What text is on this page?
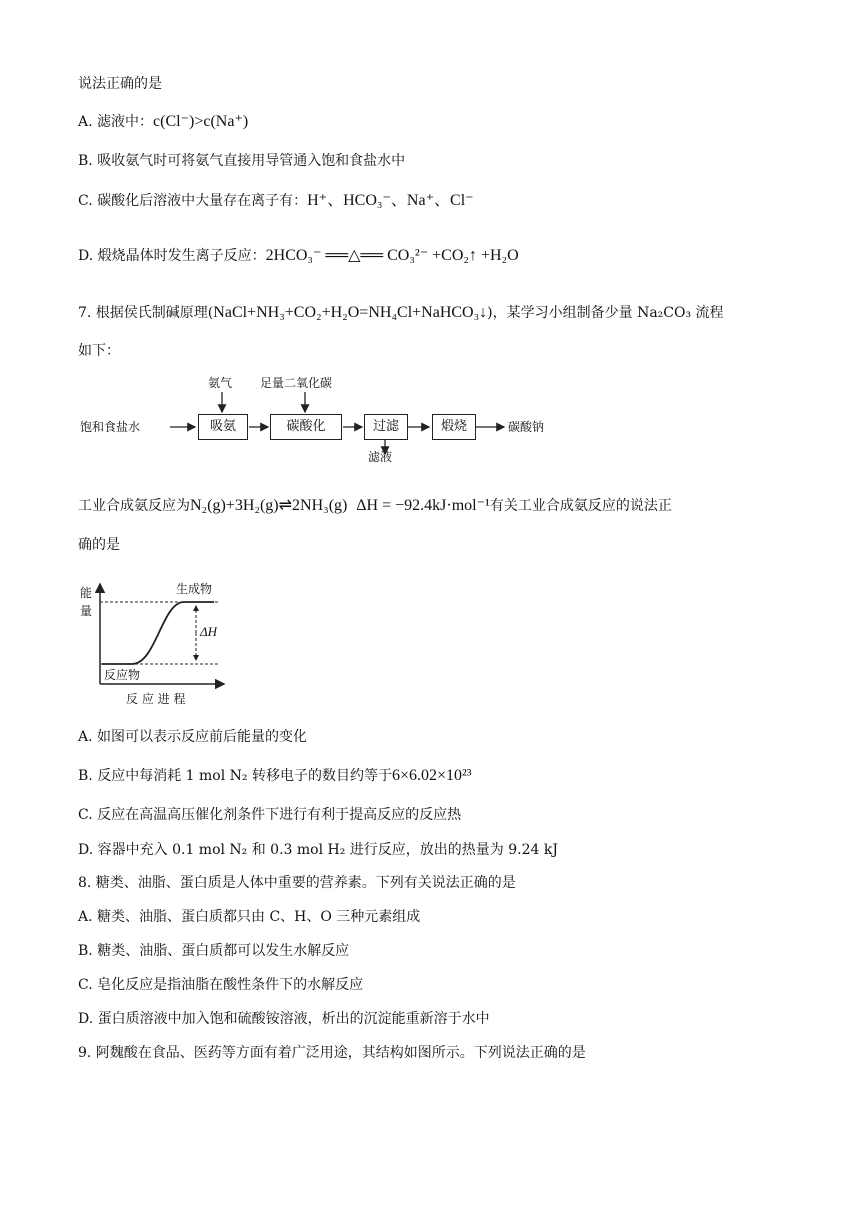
说法正确的是
A. 滤液中：c(Cl⁻)>c(Na⁺)
B. 吸收氨气时可将氨气直接用导管通入饱和食盐水中
C. 碳酸化后溶液中大量存在离子有：H⁺、HCO₃⁻、Na⁺、Cl⁻
D. 煅烧晶体时发生离子反应：2HCO₃⁻ ══△══ CO₃²⁻ +CO₂↑ +H₂O
7. 根据侯氏制碱原理(NaCl+NH₃+CO₂+H₂O=NH₄Cl+NaHCO₃↓)，某学习小组制备少量 Na₂CO₃ 流程
如下：
饱和食盐水	吸氨	碳酸化	过滤	煅烧	碳酸钠
氨气 足量二氧化碳
滤液
工业合成氨反应为N₂(g)+3H₂(g)⇌2NH₃(g) ΔH = −92.4kJ·mol⁻¹有关工业合成氨反应的说法正
确的是
能量
生成物
ΔH
反应物
反 应 进 程
A. 如图可以表示反应前后能量的变化
B. 反应中每消耗 1 mol N₂ 转移电子的数目约等于6×6.02×10²³
C. 反应在高温高压催化剂条件下进行有利于提高反应的反应热
D. 容器中充入 0.1 mol N₂ 和 0.3 mol H₂ 进行反应，放出的热量为 9.24 kJ
8. 糖类、油脂、蛋白质是人体中重要的营养素。下列有关说法正确的是
A. 糖类、油脂、蛋白质都只由 C、H、O 三种元素组成
B. 糖类、油脂、蛋白质都可以发生水解反应
C. 皂化反应是指油脂在酸性条件下的水解反应
D. 蛋白质溶液中加入饱和硫酸铵溶液，析出的沉淀能重新溶于水中
9. 阿魏酸在食品、医药等方面有着广泛用途，其结构如图所示。下列说法正确的是
